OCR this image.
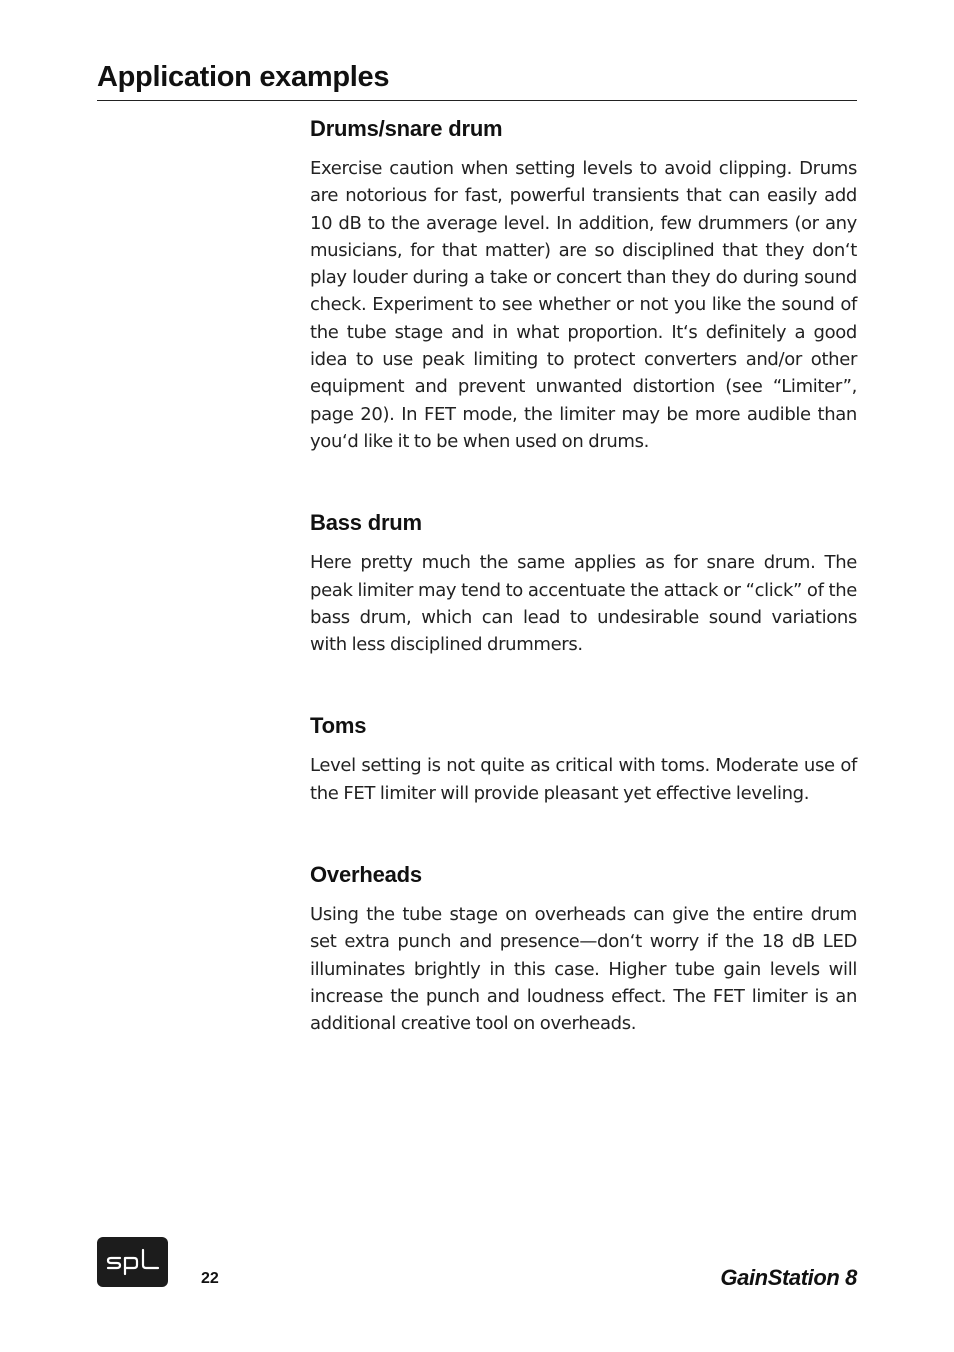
Application examples
Drums/snare drum

Exercise caution when setting levels to avoid clipping. Drums are notorious for fast, powerful transients that can easily add 10 dB to the average level. In addition, few drummers (or any musicians, for that matter) are so disciplined that they don‘t play louder during a take or concert than they do during sound check. Experiment to see whether or not you like the sound of the tube stage and in what proportion. It‘s definitely a good idea to use peak limiting to protect converters and/or other equipment and prevent unwanted distortion (see “Limiter”, page 20). In FET mode, the limiter may be more audible than you‘d like it to be when used on drums.

Bass drum

Here pretty much the same applies as for snare drum. The peak limiter may tend to accentuate the attack or “click” of the bass drum, which can lead to undesirable sound variations with less disciplined drummers.

Toms

Level setting is not quite as critical with toms. Moderate use of the FET limiter will provide pleasant yet effective leveling.

Overheads

Using the tube stage on overheads can give the entire drum set extra punch and presence—don‘t worry if the 18 dB LED illuminates brightly in this case. Higher tube gain levels will increase the punch and loudness effect. The FET limiter is an additional creative tool on overheads.

22	GainStation 8
